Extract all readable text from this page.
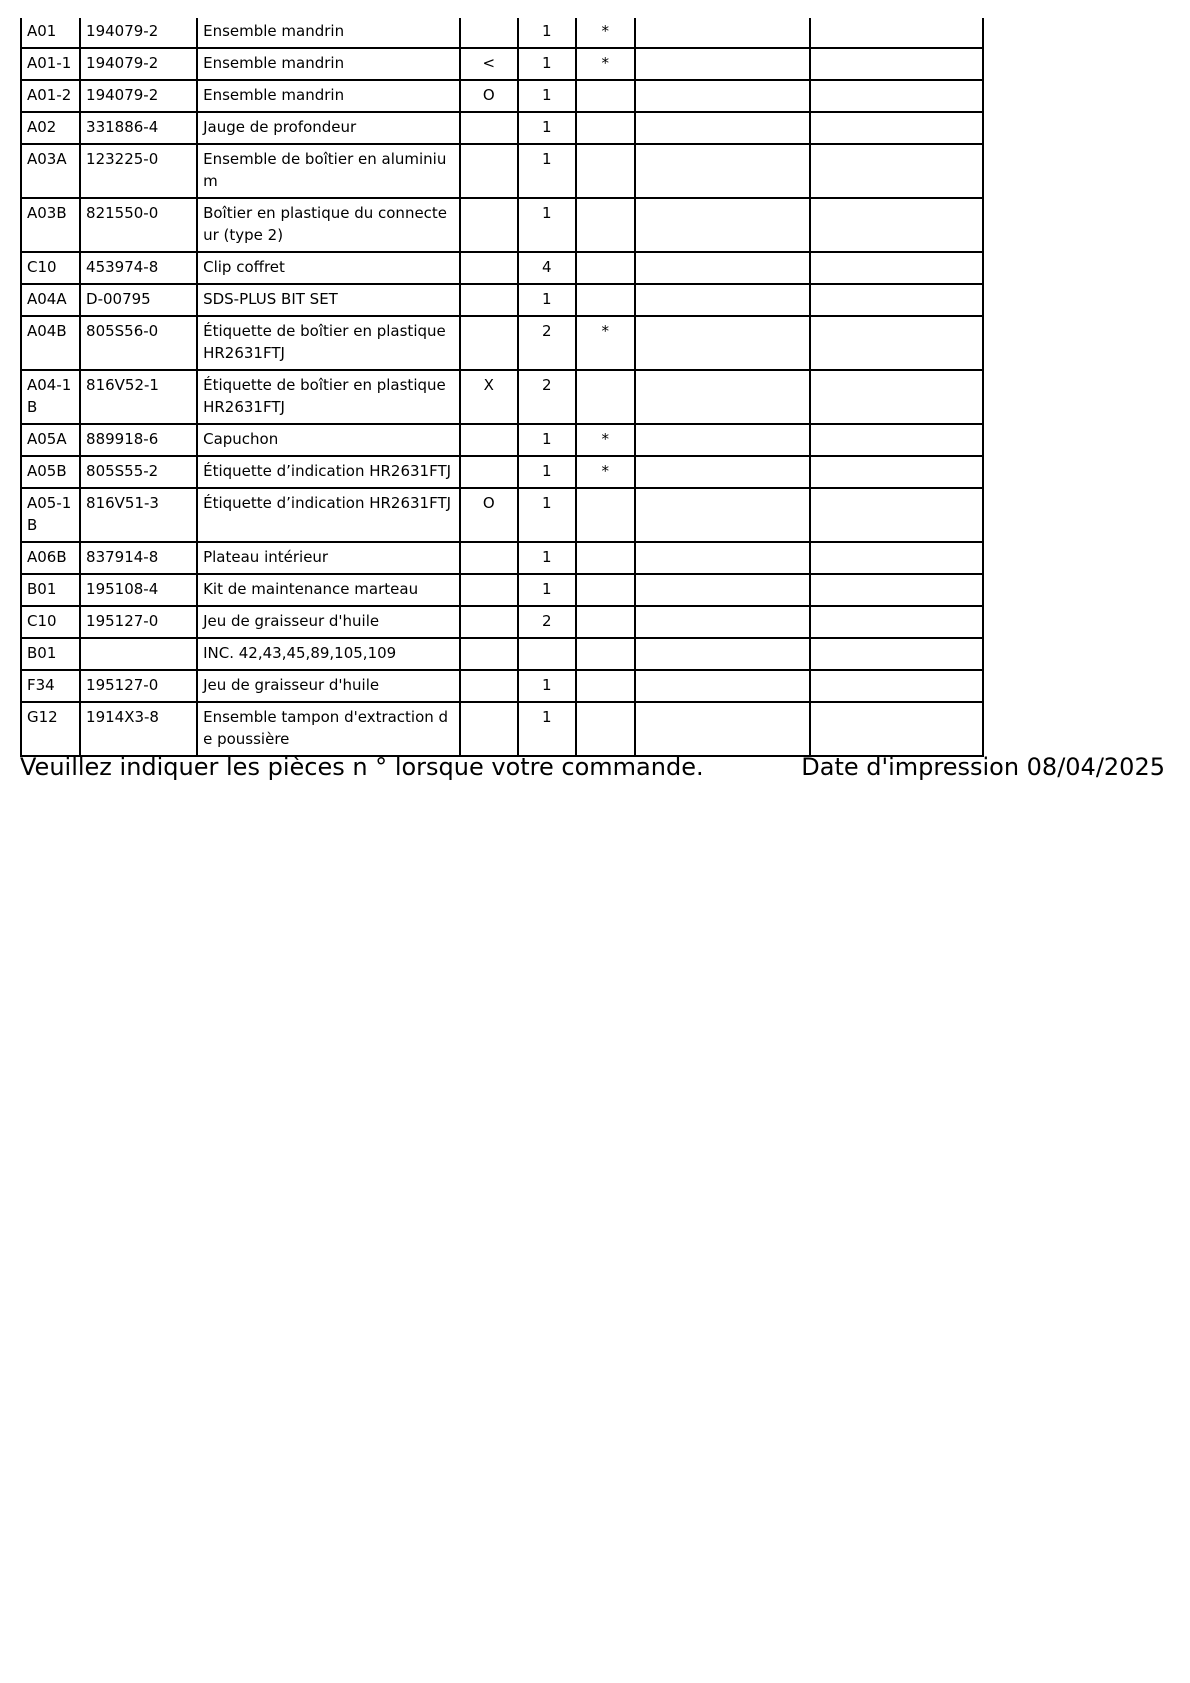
A01	194079-2	Ensemble mandrin		1	*		
A01-1	194079-2	Ensemble mandrin	<	1	*		
A01-2	194079-2	Ensemble mandrin	O	1			
A02	331886-4	Jauge de profondeur		1			
A03A	123225-0	Ensemble de boîtier en aluminium		1			
A03B	821550-0	Boîtier en plastique du connecteur (type 2)		1			
C10	453974-8	Clip coffret		4			
A04A	D-00795	SDS-PLUS BIT SET		1			
A04B	805S56-0	Étiquette de boîtier en plastique HR2631FTJ		2	*		
A04-1B	816V52-1	Étiquette de boîtier en plastique HR2631FTJ	X	2			
A05A	889918-6	Capuchon		1	*		
A05B	805S55-2	Étiquette d’indication HR2631FTJ		1	*		
A05-1B	816V51-3	Étiquette d’indication HR2631FTJ	O	1			
A06B	837914-8	Plateau intérieur		1			
B01	195108-4	Kit de maintenance marteau		1			
C10	195127-0	Jeu de graisseur d'huile		2			
B01		INC. 42,43,45,89,105,109					
F34	195127-0	Jeu de graisseur d'huile		1			
G12	1914X3-8	Ensemble tampon d'extraction de poussière		1			
Veuillez indiquer les pièces n ° lorsque votre commande.	Date d'impression 08/04/2025
